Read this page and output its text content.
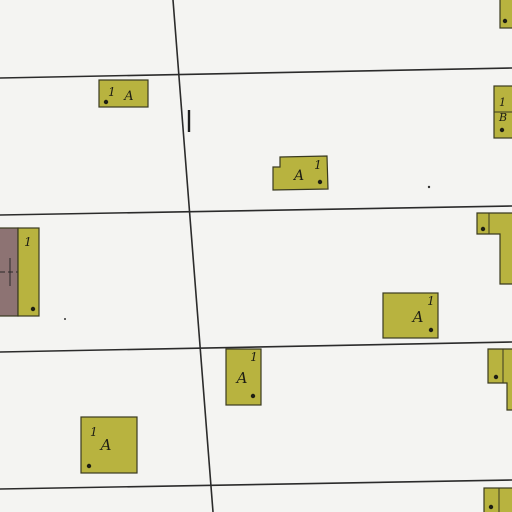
1
1 A
A
1
A
1
A
1
1
A
1
B
